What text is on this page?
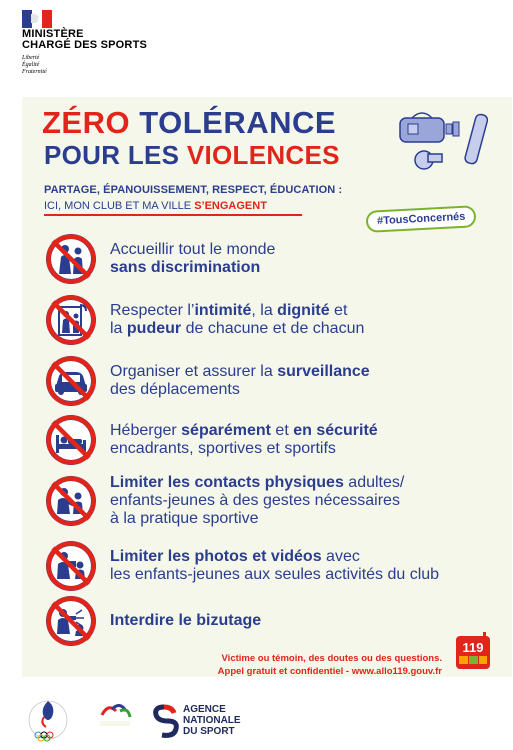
MINISTÈRE
CHARGÉ DES SPORTS
Liberté
Égalité
Fraternité
ZÉRO TOLÉRANCE
POUR LES VIOLENCES
PARTAGE, ÉPANOUISSEMENT, RESPECT, ÉDUCATION :
ICI, MON CLUB ET MA VILLE S’ENGAGENT
#TousConcernés
Accueillir tout le monde
sans discrimination
Respecter l’intimité, la dignité et
la pudeur de chacune et de chacun
Organiser et assurer la surveillance
des déplacements
Héberger séparément et en sécurité
encadrants, sportives et sportifs
Limiter les contacts physiques adultes/
enfants-jeunes à des gestes nécessaires
à la pratique sportive
Limiter les photos et vidéos avec
les enfants-jeunes aux seules activités du club
Interdire le bizutage
Victime ou témoin, des doutes ou des questions.
Appel gratuit et confidentiel - www.allo119.gouv.fr
119
AGENCE
NATIONALE
DU SPORT
